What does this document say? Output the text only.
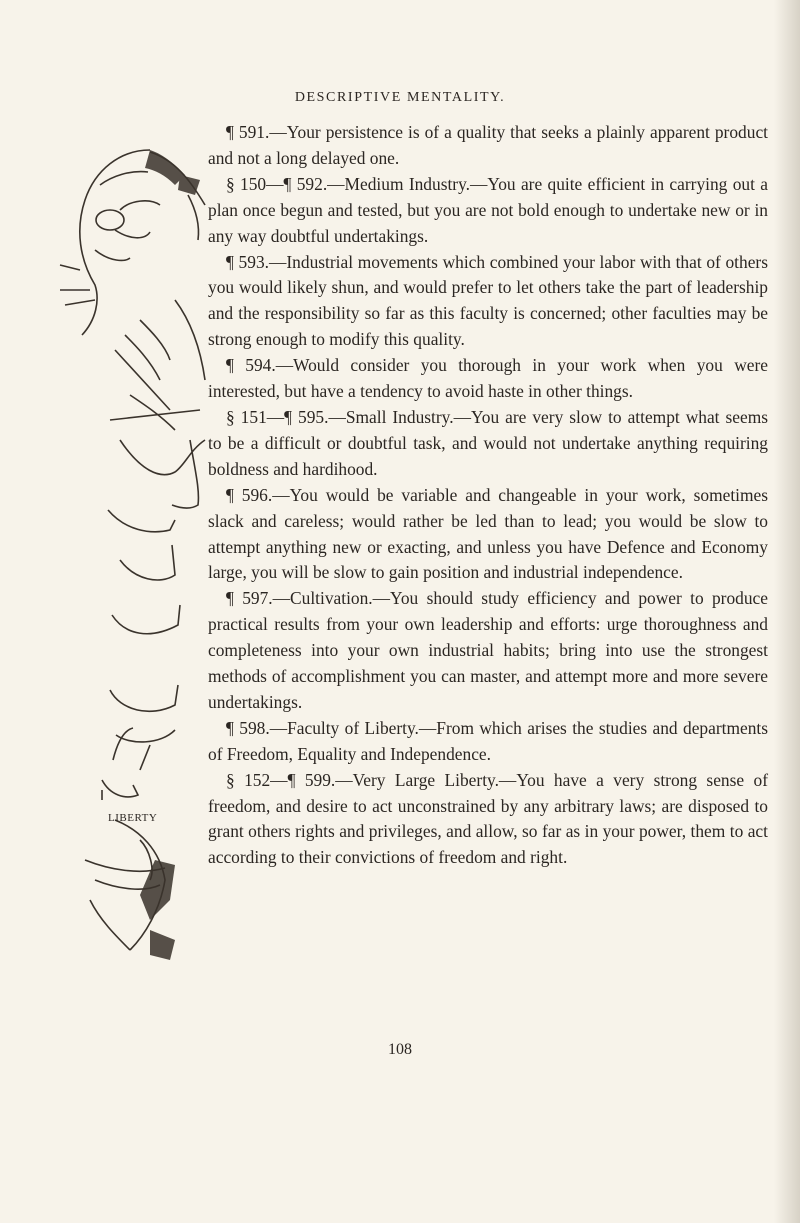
DESCRIPTIVE MENTALITY.
LIBERTY

¶ 591.—Your persistence is of a quality that seeks a plainly apparent product and not a long delayed one.

§ 150—¶ 592.—Medium Industry.—You are quite efficient in carrying out a plan once begun and tested, but you are not bold enough to undertake new or in any way doubtful undertakings.

¶ 593.—Industrial movements which combined your labor with that of others you would likely shun, and would prefer to let others take the part of leadership and the responsibility so far as this faculty is concerned; other faculties may be strong enough to modify this quality.

¶ 594.—Would consider you thorough in your work when you were interested, but have a tendency to avoid haste in other things.

§ 151—¶ 595.—Small Industry.—You are very slow to attempt what seems to be a difficult or doubtful task, and would not undertake anything requiring boldness and hardihood.

¶ 596.—You would be variable and changeable in your work, sometimes slack and careless; would rather be led than to lead; you would be slow to attempt anything new or exacting, and unless you have Defence and Economy large, you will be slow to gain position and industrial independence.

¶ 597.—Cultivation.—You should study efficiency and power to produce practical results from your own leadership and efforts: urge thoroughness and completeness into your own industrial habits; bring into use the strongest methods of accomplishment you can master, and attempt more and more severe undertakings.

¶ 598.—Faculty of Liberty.—From which arises the studies and departments of Freedom, Equality and Independence.

§ 152—¶ 599.—Very Large Liberty.—You have a very strong sense of freedom, and desire to act unconstrained by any arbitrary laws; are disposed to grant others rights and privileges, and allow, so far as in your power, them to act according to their convictions of freedom and right.

108
